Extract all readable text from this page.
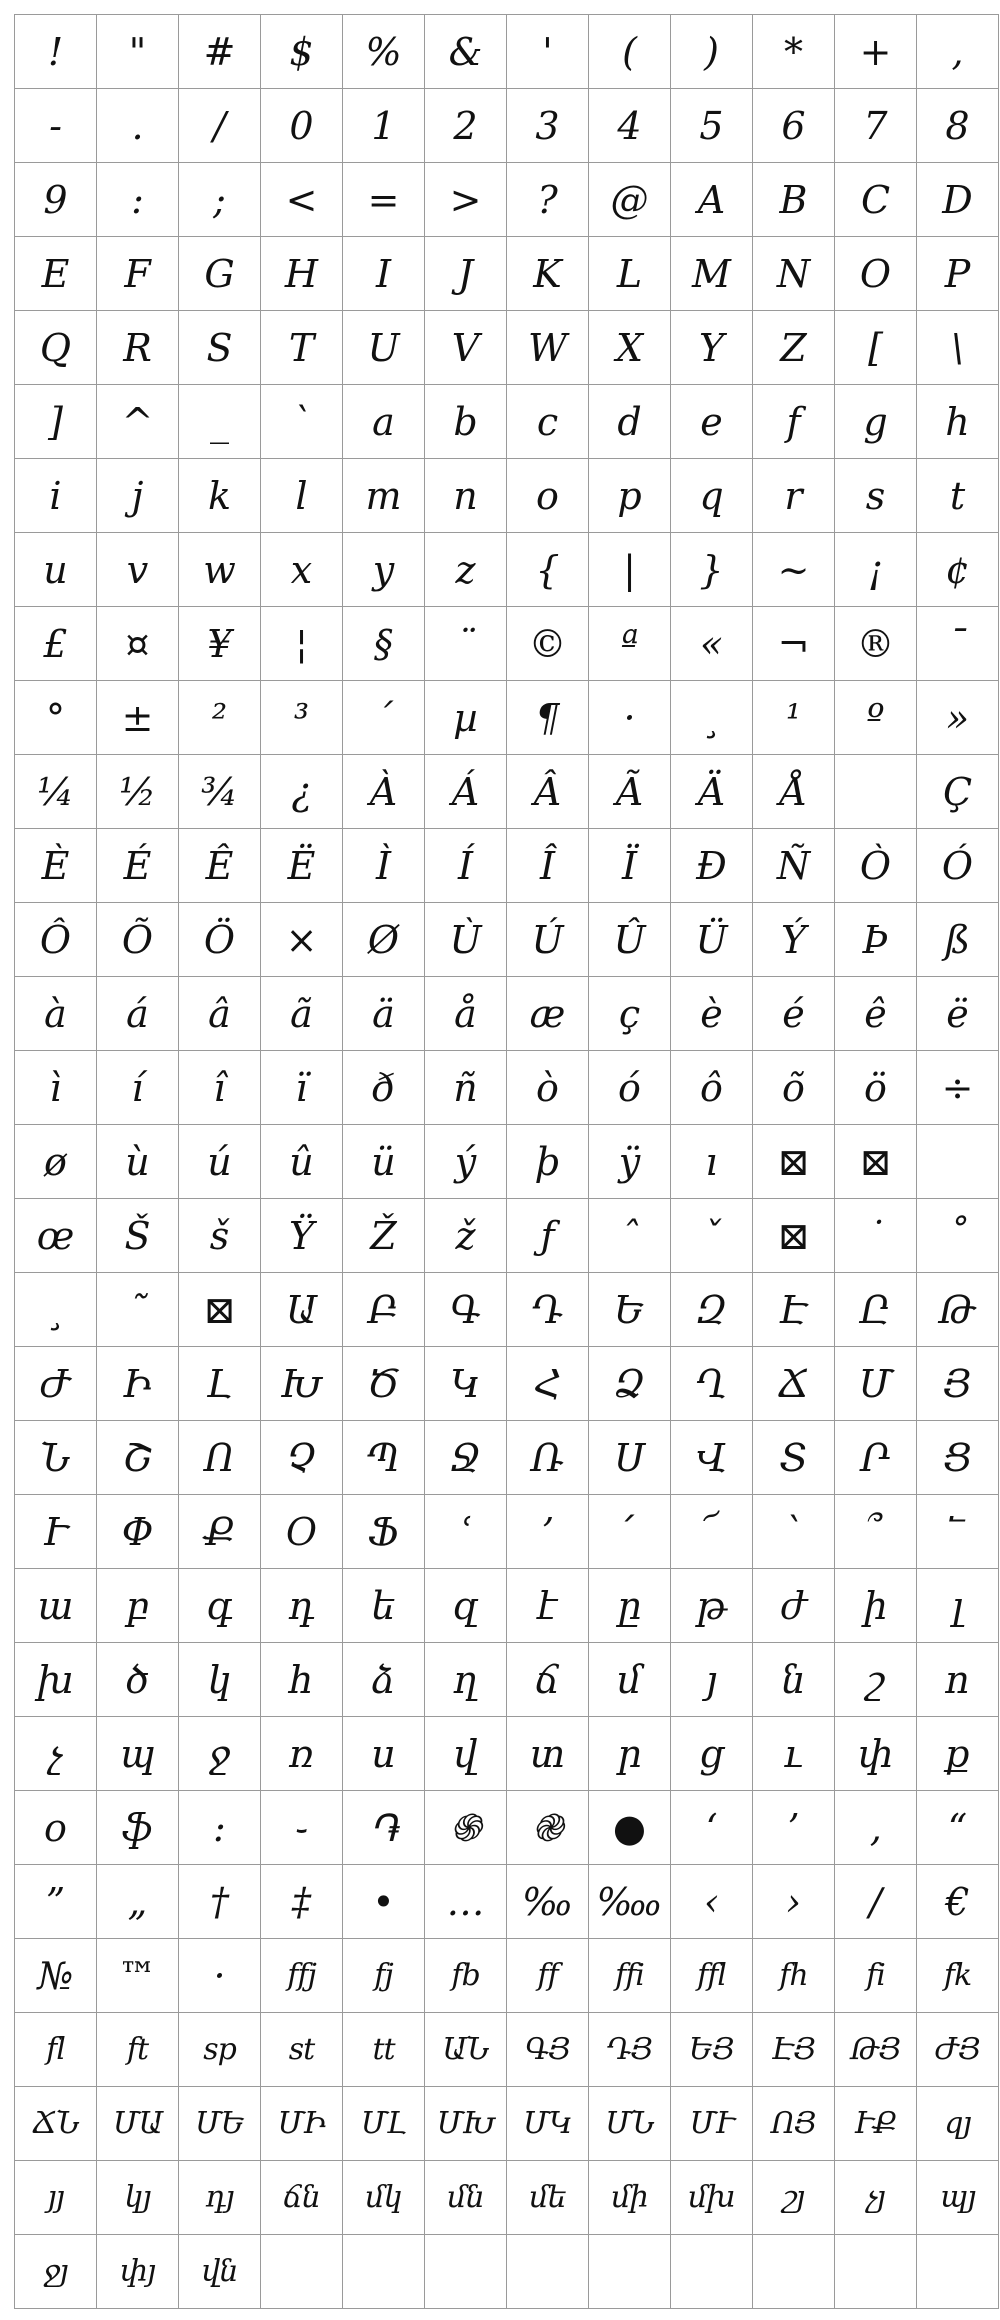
!	"	#	$	%	&	'	(	)	*	+	,
-	.	/	0	1	2	3	4	5	6	7	8
9	:	;	<	=	>	?	@	A	B	C	D
E	F	G	H	I	J	K	L	M	N	O	P
Q	R	S	T	U	V	W	X	Y	Z	[	\
]	^	_	`	a	b	c	d	e	f	g	h
i	j	k	l	m	n	o	p	q	r	s	t
u	v	w	x	y	z	{	|	}	~	¡	¢
£	¤	¥	¦	§	¨	©	ª	«	¬	®	¯
°	±	²	³	´	µ	¶	·	¸	¹	º	»
¼	½	¾	¿	À	Á	Â	Ã	Ä	Å		Ç
È	É	Ê	Ë	Ì	Í	Î	Ï	Ð	Ñ	Ò	Ó
Ô	Õ	Ö	×	Ø	Ù	Ú	Û	Ü	Ý	Þ	ß
à	á	â	ã	ä	å	æ	ç	è	é	ê	ë
ì	í	î	ï	ð	ñ	ò	ó	ô	õ	ö	÷
ø	ù	ú	û	ü	ý	þ	ÿ	ı	⊠	⊠	
œ	Š	š	Ÿ	Ž	ž	ƒ	ˆ	ˇ	⊠	˙	˚
¸	˜	⊠	Ա	Բ	Գ	Դ	Ե	Զ	Է	Ը	Թ
Ժ	Ի	Լ	Խ	Ծ	Կ	Հ	Ձ	Ղ	Ճ	Մ	Յ
Ն	Շ	Ո	Չ	Պ	Ջ	Ռ	Ս	Վ	Տ	Ր	Ց
Ւ	Փ	Ք	Օ	Ֆ	ՙ	՚	՛	՜	՝	՞	՟
ա	բ	գ	դ	ե	զ	է	ը	թ	ժ	ի	լ
խ	ծ	կ	հ	ձ	ղ	ճ	մ	յ	ն	շ	ո
չ	պ	ջ	ռ	ս	վ	տ	ր	ց	ւ	փ	ք
օ	ֆ	։	֊	֏	֍	֎	●	‘	’	‚	“
”	„	†	‡	•	…	‰	‱	‹	›	∕	€
№	™	·	ffj	fj	fb	ff	ffi	ffl	fh	fi	fk
fl	ft	sp	st	tt	ԱՆ	ԳՅ	ԴՅ	ԵՅ	ԷՅ	ԹՅ	ԺՅ
ՃՆ	ՄԱ	ՄԵ	ՄԻ	ՄԼ	ՄԽ	ՄԿ	ՄՆ	ՄՒ	ՈՅ	ՒՔ	qյ
յյ	կյ	դյ	ճն	մկ	մն	մե	մի	մխ	շյ	չյ	պյ
ջյ	փյ	վն									
